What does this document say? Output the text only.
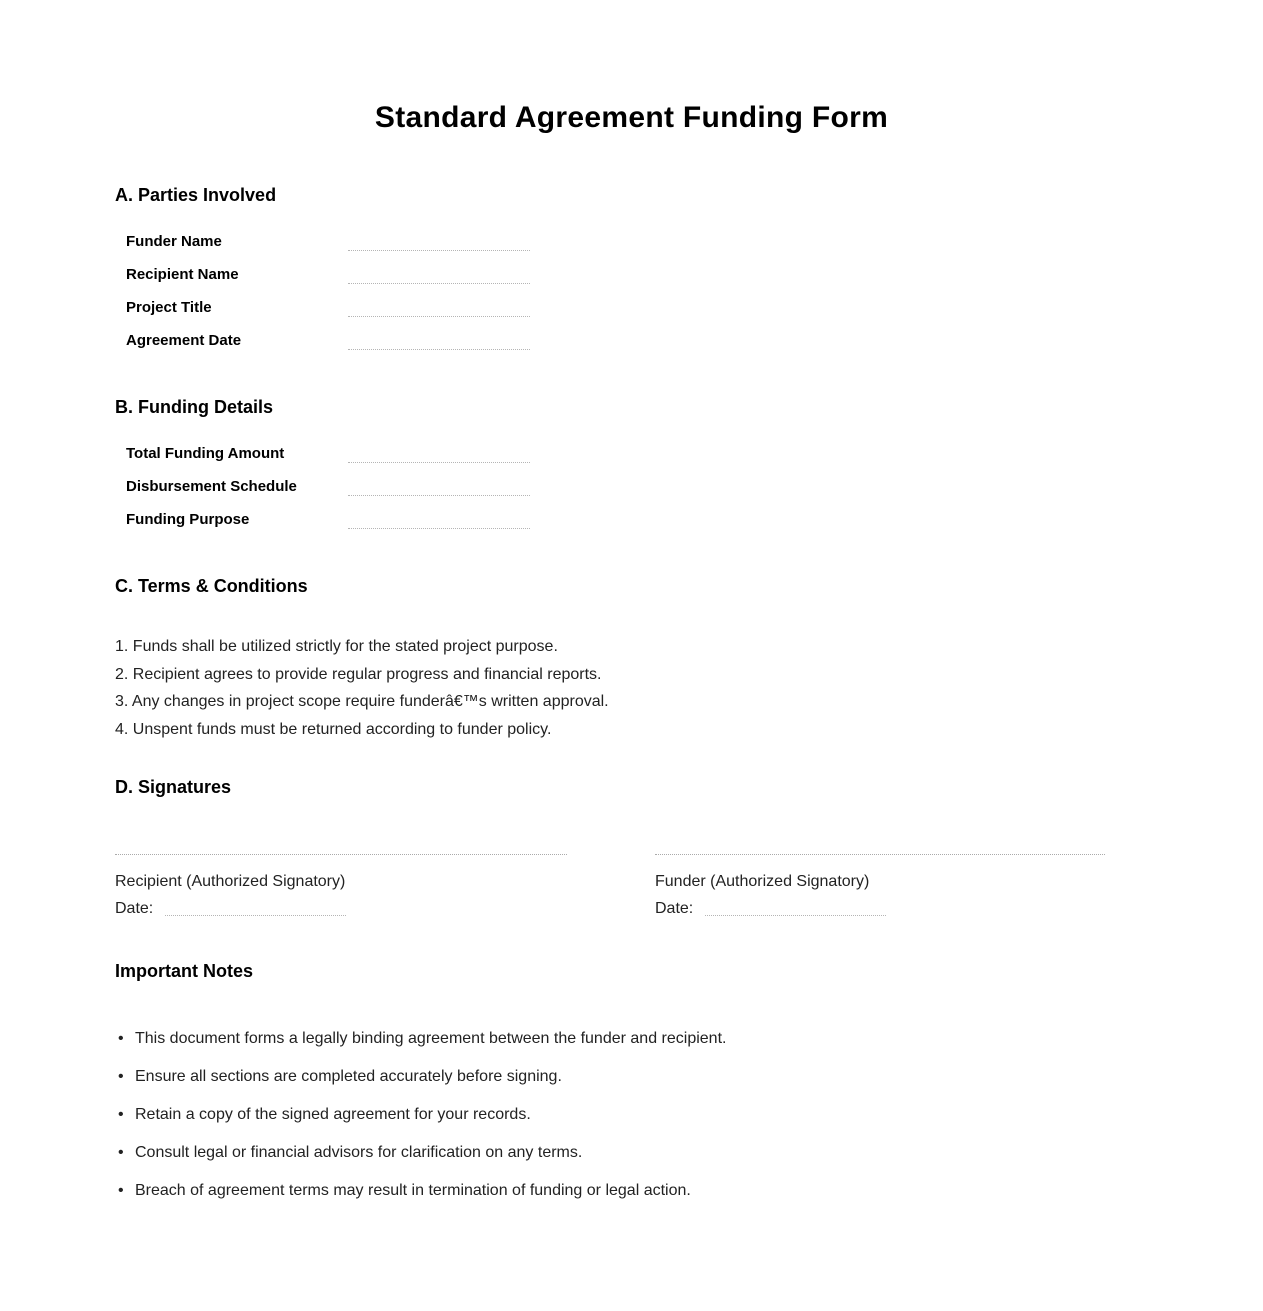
Standard Agreement Funding Form
A. Parties Involved
Funder Name
Recipient Name
Project Title
Agreement Date
B. Funding Details
Total Funding Amount
Disbursement Schedule
Funding Purpose
C. Terms & Conditions
1. Funds shall be utilized strictly for the stated project purpose.
2. Recipient agrees to provide regular progress and financial reports.
3. Any changes in project scope require funderâ€™s written approval.
4. Unspent funds must be returned according to funder policy.
D. Signatures
Recipient (Authorized Signatory)
Date:
Funder (Authorized Signatory)
Date:
Important Notes
•
This document forms a legally binding agreement between the funder and recipient.
•
Ensure all sections are completed accurately before signing.
•
Retain a copy of the signed agreement for your records.
•
Consult legal or financial advisors for clarification on any terms.
•
Breach of agreement terms may result in termination of funding or legal action.
